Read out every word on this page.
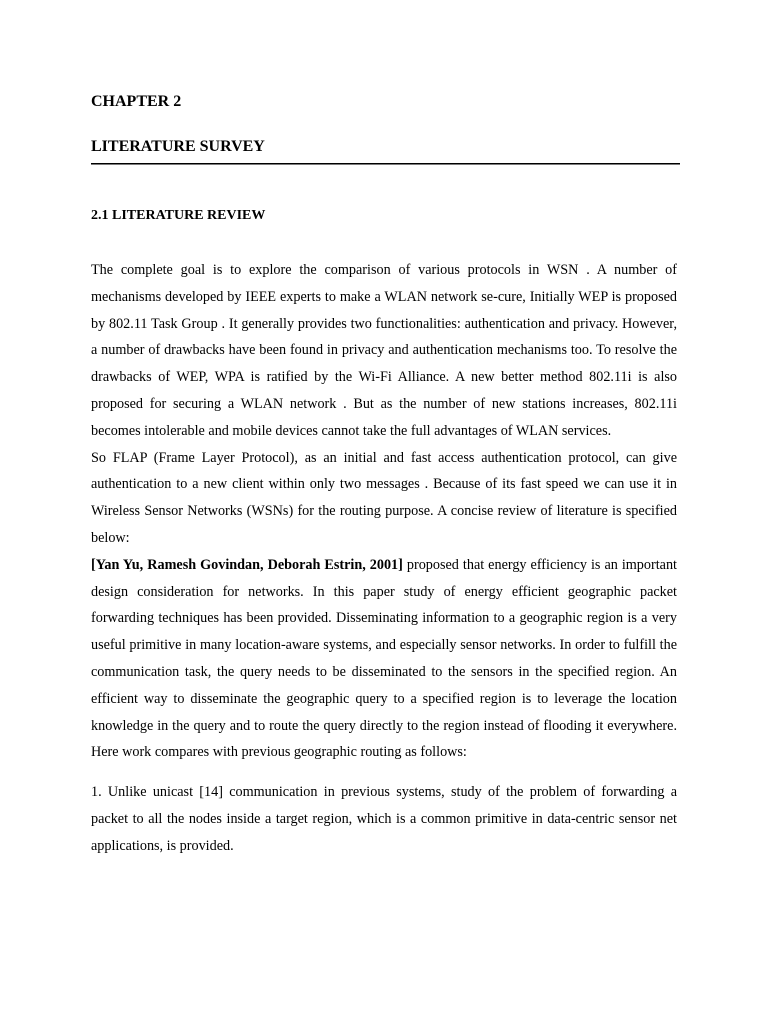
CHAPTER 2
LITERATURE SURVEY
2.1 LITERATURE REVIEW

The complete goal is to explore the comparison of various protocols in WSN . A number of mechanisms developed by IEEE experts to make a WLAN network se-cure, Initially WEP is proposed by 802.11 Task Group . It generally provides two functionalities: authentication and privacy. However, a number of drawbacks have been found in privacy and authentication mechanisms too. To resolve the drawbacks of WEP, WPA is ratified by the Wi-Fi Alliance. A new better method 802.11i is also proposed for securing a WLAN network . But as the number of new stations increases, 802.11i becomes intolerable and mobile devices cannot take the full advantages of WLAN services.

So FLAP (Frame Layer Protocol), as an initial and fast access authentication protocol, can give authentication to a new client within only two messages . Because of its fast speed we can use it in Wireless Sensor Networks (WSNs) for the routing purpose. A concise review of literature is specified below:

[Yan Yu, Ramesh Govindan, Deborah Estrin, 2001] proposed that energy efficiency is an important design consideration for networks. In this paper study of energy efficient geographic packet forwarding techniques has been provided. Disseminating information to a geographic region is a very useful primitive in many location-aware systems, and especially sensor networks. In order to fulfill the communication task, the query needs to be disseminated to the sensors in the specified region. An efficient way to disseminate the geographic query to a specified region is to leverage the location knowledge in the query and to route the query directly to the region instead of flooding it everywhere. Here work compares with previous geographic routing as follows:

1. Unlike unicast [14] communication in previous systems, study of the problem of forwarding a packet to all the nodes inside a target region, which is a common primitive in data-centric sensor net applications, is provided.
